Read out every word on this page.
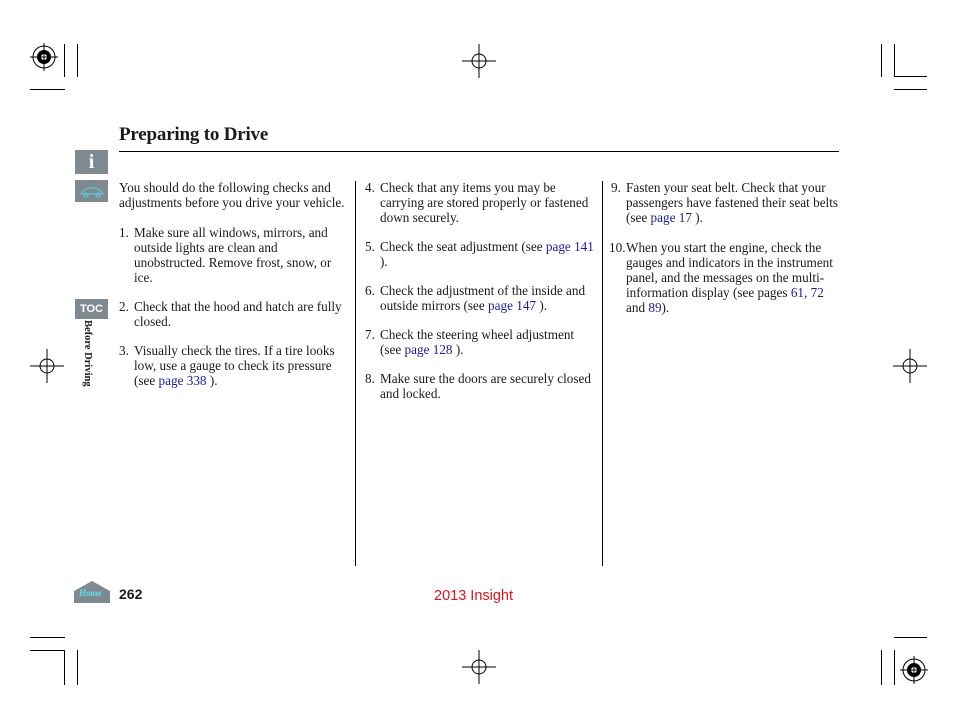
Preparing to Drive
i
TOC
Before Driving
Home

You should do the following checks and adjustments before you drive your vehicle.

1. Make sure all windows, mirrors, and outside lights are clean and unobstructed. Remove frost, snow, or ice.
2. Check that the hood and hatch are fully closed.
3. Visually check the tires. If a tire looks low, use a gauge to check its pressure (see page 338 ).
4. Check that any items you may be carrying are stored properly or fastened down securely.
5. Check the seat adjustment (see page 141 ).
6. Check the adjustment of the inside and outside mirrors (see page 147 ).
7. Check the steering wheel adjustment (see page 128 ).
8. Make sure the doors are securely closed and locked.
9. Fasten your seat belt. Check that your passengers have fastened their seat belts (see page 17 ).
10. When you start the engine, check the gauges and indicators in the instrument panel, and the messages on the multi-information display (see pages 61, 72 and 89).
262	2013 Insight
